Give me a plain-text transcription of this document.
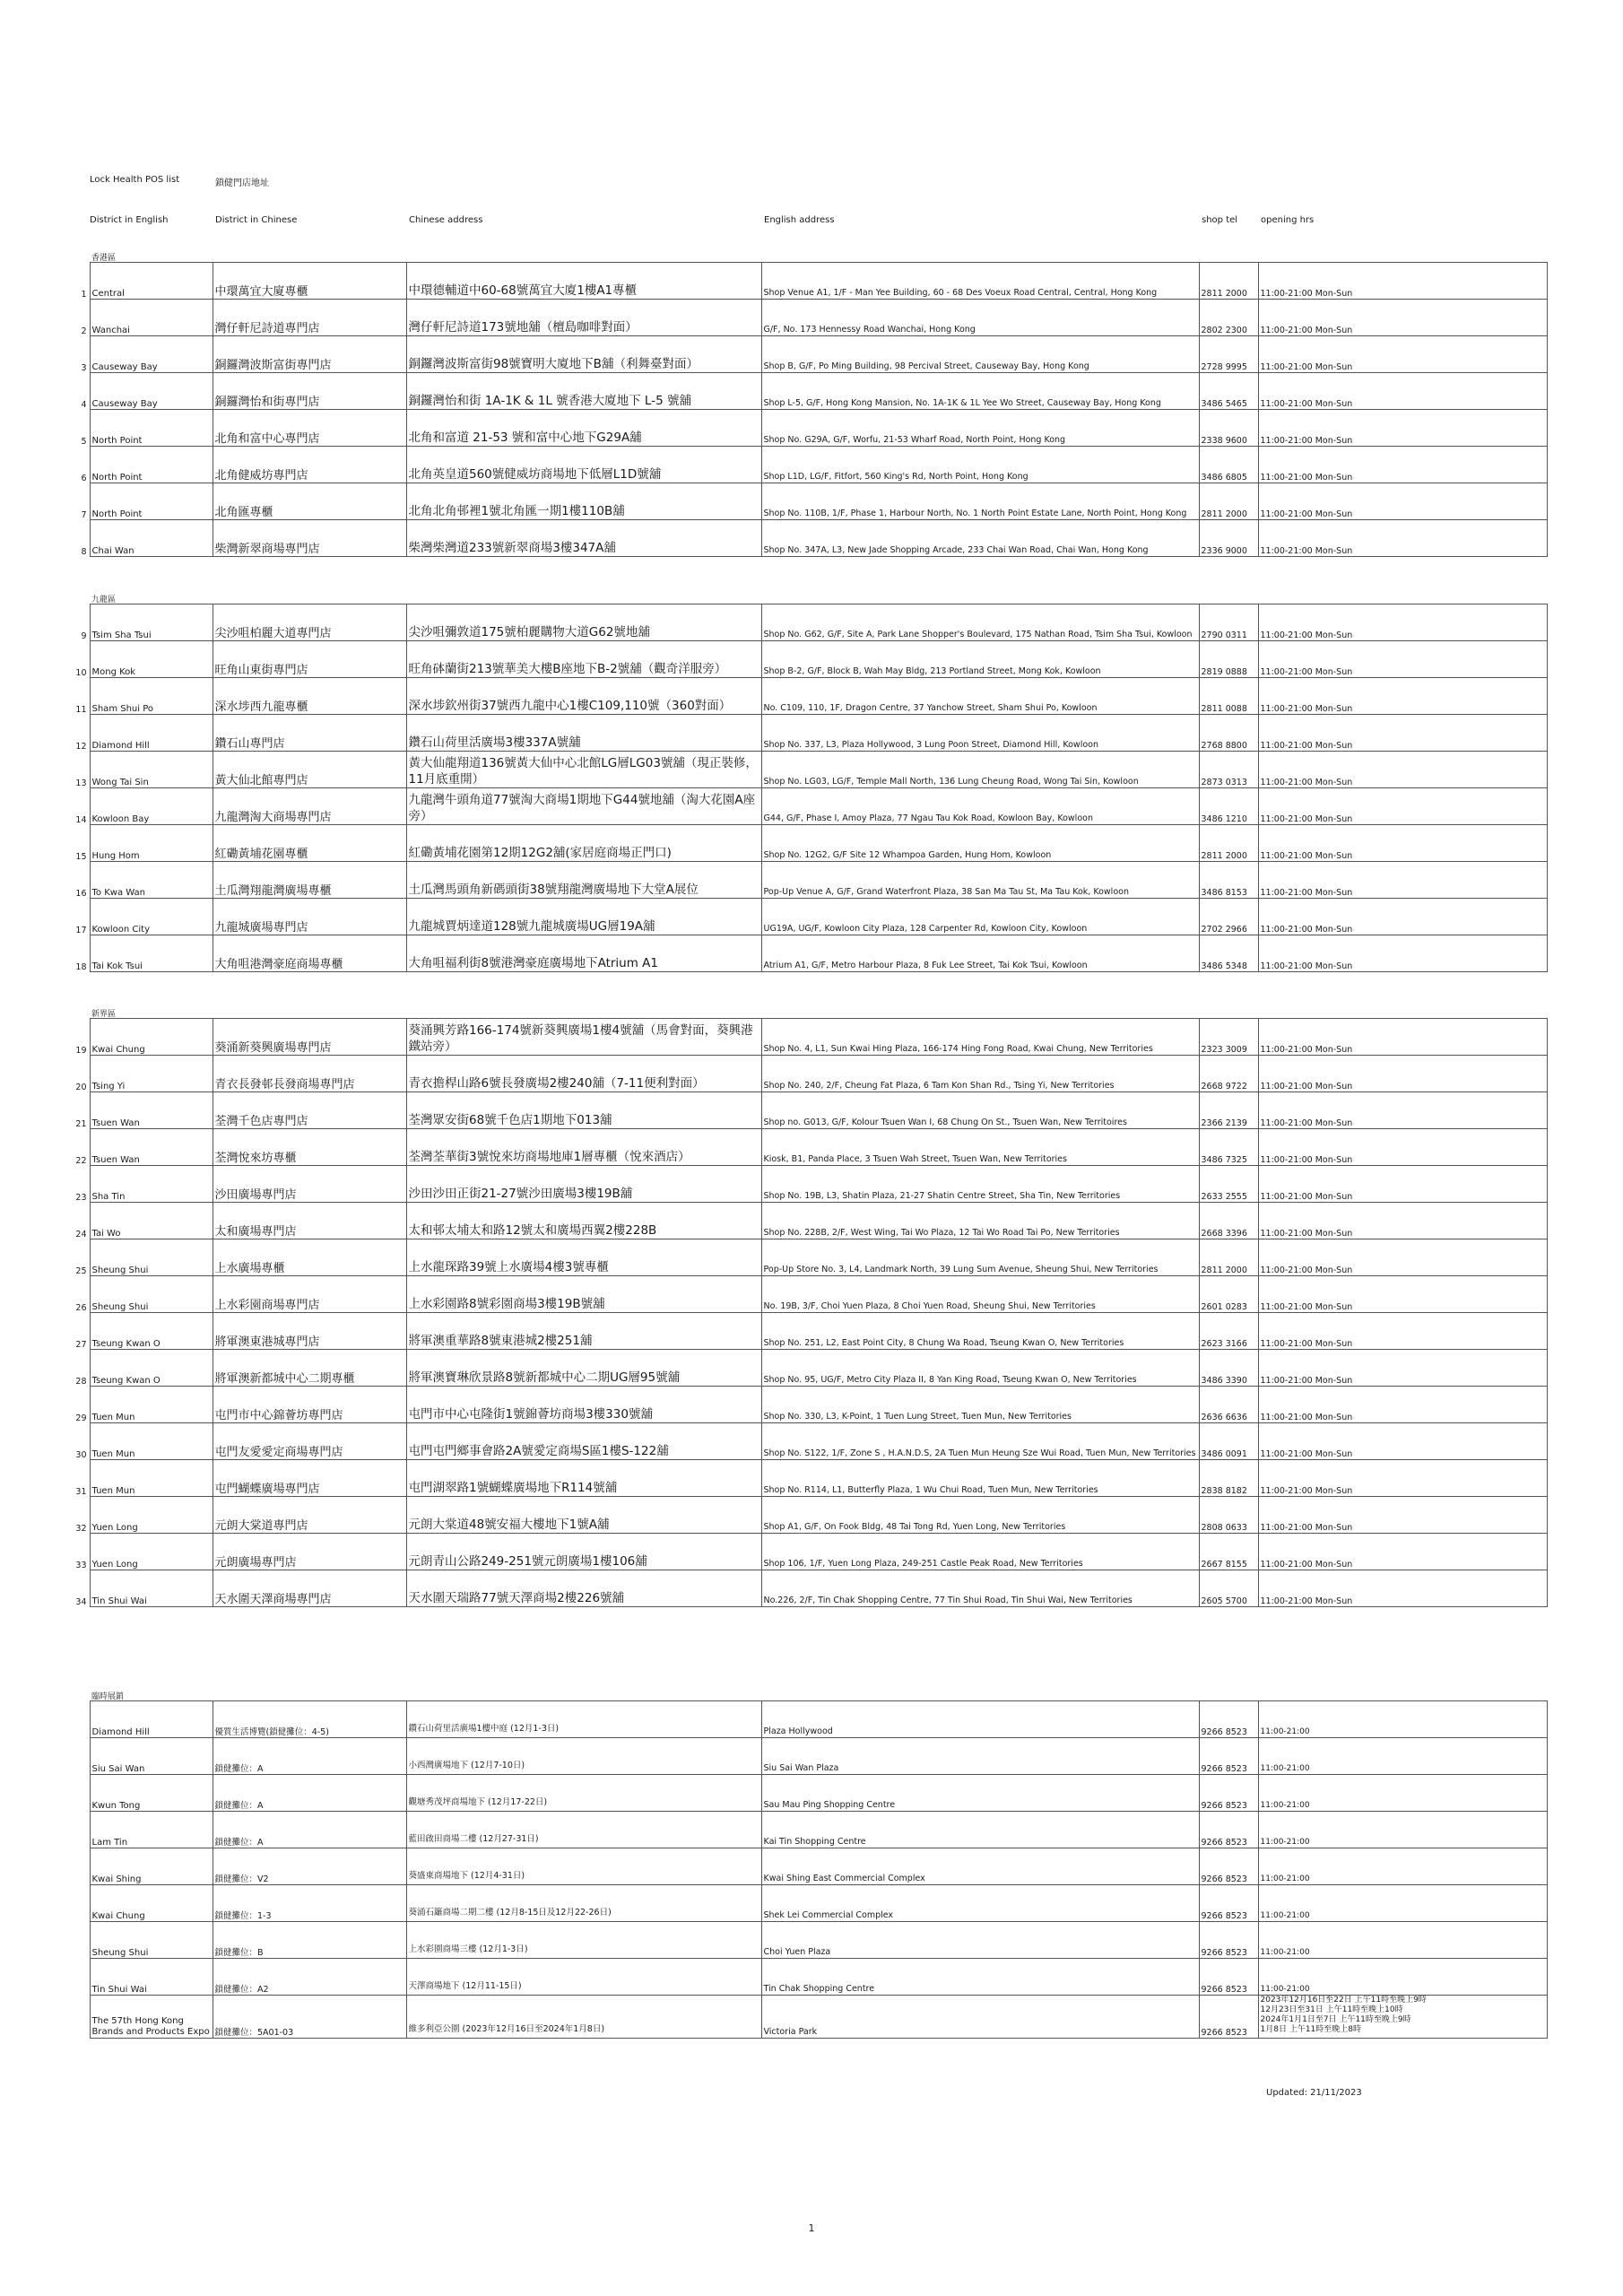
Lock Health POS list	鎖健門店地址
District in English	District in Chinese	Chinese address	English address	shop tel	opening hrs
香港區
1	Central	中環萬宜大廈專櫃	中環德輔道中60-68號萬宜大廈1樓A1專櫃	Shop Venue A1, 1/F - Man Yee Building, 60 - 68 Des Voeux Road Central, Central, Hong Kong	2811 2000	11:00-21:00 Mon-Sun
2	Wanchai	灣仔軒尼詩道專門店	灣仔軒尼詩道173號地舖（檀島咖啡對面）	G/F, No. 173 Hennessy Road Wanchai, Hong Kong	2802 2300	11:00-21:00 Mon-Sun
3	Causeway Bay	銅鑼灣波斯富街專門店	銅鑼灣波斯富街98號寶明大廈地下B舖（利舞臺對面）	Shop B, G/F, Po Ming Building, 98 Percival Street, Causeway Bay, Hong Kong	2728 9995	11:00-21:00 Mon-Sun
4	Causeway Bay	銅鑼灣怡和街專門店	銅鑼灣怡和街 1A-1K & 1L 號香港大廈地下 L-5 號舖	Shop L-5, G/F, Hong Kong Mansion, No. 1A-1K & 1L Yee Wo Street, Causeway Bay, Hong Kong	3486 5465	11:00-21:00 Mon-Sun
5	North Point	北角和富中心專門店	北角和富道 21-53 號和富中心地下G29A舖	Shop No. G29A, G/F, Worfu, 21-53 Wharf Road, North Point, Hong Kong	2338 9600	11:00-21:00 Mon-Sun
6	North Point	北角健威坊專門店	北角英皇道560號健威坊商場地下低層L1D號舖	Shop L1D, LG/F, Fitfort, 560 King's Rd, North Point, Hong Kong	3486 6805	11:00-21:00 Mon-Sun
7	North Point	北角匯專櫃	北角北角邨裡1號北角匯一期1樓110B舖	Shop No. 110B, 1/F, Phase 1, Harbour North, No. 1 North Point Estate Lane, North Point, Hong Kong	2811 2000	11:00-21:00 Mon-Sun
8	Chai Wan	柴灣新翠商場專門店	柴灣柴灣道233號新翠商場3樓347A舖	Shop No. 347A, L3, New Jade Shopping Arcade, 233 Chai Wan Road, Chai Wan, Hong Kong	2336 9000	11:00-21:00 Mon-Sun
九龍區
9	Tsim Sha Tsui	尖沙咀柏麗大道專門店	尖沙咀彌敦道175號柏麗購物大道G62號地舖	Shop No. G62, G/F, Site A, Park Lane Shopper's Boulevard, 175 Nathan Road, Tsim Sha Tsui, Kowloon	2790 0311	11:00-21:00 Mon-Sun
10	Mong Kok	旺角山東街專門店	旺角砵蘭街213號華美大樓B座地下B-2號舖（觀奇洋服旁）	Shop B-2, G/F, Block B, Wah May Bldg, 213 Portland Street, Mong Kok, Kowloon	2819 0888	11:00-21:00 Mon-Sun
11	Sham Shui Po	深水埗西九龍專櫃	深水埗欽州街37號西九龍中心1樓C109,110號（360對面）	No. C109, 110, 1F, Dragon Centre, 37 Yanchow Street, Sham Shui Po, Kowloon	2811 0088	11:00-21:00 Mon-Sun
12	Diamond Hill	鑽石山專門店	鑽石山荷里活廣場3樓337A號舖	Shop No. 337, L3, Plaza Hollywood, 3 Lung Poon Street, Diamond Hill, Kowloon	2768 8800	11:00-21:00 Mon-Sun
13	Wong Tai Sin	黃大仙北館專門店	黃大仙龍翔道136號黃大仙中心北館LG層LG03號舖（現正裝修，11月底重開）	Shop No. LG03, LG/F, Temple Mall North, 136 Lung Cheung Road, Wong Tai Sin, Kowloon	2873 0313	11:00-21:00 Mon-Sun
14	Kowloon Bay	九龍灣淘大商場專門店	九龍灣牛頭角道77號淘大商場1期地下G44號地舖（淘大花園A座旁）	G44, G/F, Phase I, Amoy Plaza, 77 Ngau Tau Kok Road, Kowloon Bay, Kowloon	3486 1210	11:00-21:00 Mon-Sun
15	Hung Hom	紅磡黃埔花園專櫃	紅磡黃埔花園第12期12G2舖(家居庭商場正門口)	Shop No. 12G2, G/F Site 12 Whampoa Garden, Hung Hom, Kowloon	2811 2000	11:00-21:00 Mon-Sun
16	To Kwa Wan	土瓜灣翔龍灣廣場專櫃	土瓜灣馬頭角新碼頭街38號翔龍灣廣場地下大堂A展位	Pop-Up Venue A, G/F, Grand Waterfront Plaza, 38 San Ma Tau St, Ma Tau Kok, Kowloon	3486 8153	11:00-21:00 Mon-Sun
17	Kowloon City	九龍城廣場專門店	九龍城賈炳達道128號九龍城廣場UG層19A舖	UG19A, UG/F, Kowloon City Plaza, 128 Carpenter Rd, Kowloon City, Kowloon	2702 2966	11:00-21:00 Mon-Sun
18	Tai Kok Tsui	大角咀港灣豪庭商場專櫃	大角咀福利街8號港灣豪庭廣場地下Atrium A1	Atrium A1, G/F, Metro Harbour Plaza, 8 Fuk Lee Street, Tai Kok Tsui, Kowloon	3486 5348	11:00-21:00 Mon-Sun
新界區
19	Kwai Chung	葵涌新葵興廣場專門店	葵涌興芳路166-174號新葵興廣場1樓4號舖（馬會對面，葵興港鐵站旁）	Shop No. 4, L1, Sun Kwai Hing Plaza, 166-174 Hing Fong Road, Kwai Chung, New Territories	2323 3009	11:00-21:00 Mon-Sun
20	Tsing Yi	青衣長發邨長發商場專門店	青衣擔桿山路6號長發廣場2樓240舖（7-11便利對面）	Shop No. 240, 2/F, Cheung Fat Plaza, 6 Tam Kon Shan Rd., Tsing Yi, New Territories	2668 9722	11:00-21:00 Mon-Sun
21	Tsuen Wan	荃灣千色店專門店	荃灣眾安街68號千色店1期地下013舖	Shop no. G013, G/F, Kolour Tsuen Wan I, 68 Chung On St., Tsuen Wan, New Territoires	2366 2139	11:00-21:00 Mon-Sun
22	Tsuen Wan	荃灣悅來坊專櫃	荃灣荃華街3號悅來坊商場地庫1層專櫃（悅來酒店）	Kiosk, B1, Panda Place, 3 Tsuen Wah Street, Tsuen Wan, New Territories	3486 7325	11:00-21:00 Mon-Sun
23	Sha Tin	沙田廣場專門店	沙田沙田正街21-27號沙田廣場3樓19B舖	Shop No. 19B, L3, Shatin Plaza, 21-27 Shatin Centre Street, Sha Tin, New Territories	2633 2555	11:00-21:00 Mon-Sun
24	Tai Wo	太和廣場專門店	太和邨太埔太和路12號太和廣場西翼2樓228B	Shop No. 228B, 2/F, West Wing, Tai Wo Plaza, 12 Tai Wo Road Tai Po, New Territories	2668 3396	11:00-21:00 Mon-Sun
25	Sheung Shui	上水廣場專櫃	上水龍琛路39號上水廣場4樓3號專櫃	Pop-Up Store No. 3, L4, Landmark North, 39 Lung Sum Avenue, Sheung Shui, New Territories	2811 2000	11:00-21:00 Mon-Sun
26	Sheung Shui	上水彩園商場專門店	上水彩園路8號彩園商場3樓19B號舖	No. 19B, 3/F, Choi Yuen Plaza, 8 Choi Yuen Road, Sheung Shui, New Territories	2601 0283	11:00-21:00 Mon-Sun
27	Tseung Kwan O	將軍澳東港城專門店	將軍澳重華路8號東港城2樓251舖	Shop No. 251, L2, East Point City, 8 Chung Wa Road, Tseung Kwan O, New Territories	2623 3166	11:00-21:00 Mon-Sun
28	Tseung Kwan O	將軍澳新都城中心二期專櫃	將軍澳寶琳欣景路8號新都城中心二期UG層95號舖	Shop No. 95, UG/F, Metro City Plaza II, 8 Yan King Road, Tseung Kwan O, New Territories	3486 3390	11:00-21:00 Mon-Sun
29	Tuen Mun	屯門市中心錦薈坊專門店	屯門市中心屯隆街1號錦薈坊商場3樓330號舖	Shop No. 330, L3, K-Point, 1 Tuen Lung Street, Tuen Mun, New Territories	2636 6636	11:00-21:00 Mon-Sun
30	Tuen Mun	屯門友愛愛定商場專門店	屯門屯門鄉事會路2A號愛定商場S區1樓S-122舖	Shop No. S122, 1/F, Zone S , H.A.N.D.S, 2A Tuen Mun Heung Sze Wui Road, Tuen Mun, New Territories	3486 0091	11:00-21:00 Mon-Sun
31	Tuen Mun	屯門蝴蝶廣場專門店	屯門湖翠路1號蝴蝶廣場地下R114號舖	Shop No. R114, L1, Butterfly Plaza, 1 Wu Chui Road, Tuen Mun, New Territories	2838 8182	11:00-21:00 Mon-Sun
32	Yuen Long	元朗大棠道專門店	元朗大棠道48號安福大樓地下1號A舖	Shop A1, G/F, On Fook Bldg, 48 Tai Tong Rd, Yuen Long, New Territories	2808 0633	11:00-21:00 Mon-Sun
33	Yuen Long	元朗廣場專門店	元朗青山公路249-251號元朗廣場1樓106舖	Shop 106, 1/F, Yuen Long Plaza, 249-251 Castle Peak Road, New Territories	2667 8155	11:00-21:00 Mon-Sun
34	Tin Shui Wai	天水圍天澤商場專門店	天水圍天瑞路77號天澤商場2樓226號舖	No.226, 2/F, Tin Chak Shopping Centre, 77 Tin Shui Road, Tin Shui Wai, New Territories	2605 5700	11:00-21:00 Mon-Sun
臨時展銷
	Diamond Hill	優質生活博覽(鎖健攤位：4-5)	鑽石山荷里活廣場1樓中庭 (12月1-3日)	Plaza Hollywood	9266 8523	11:00-21:00
	Siu Sai Wan	鎖健攤位：A	小西灣廣場地下 (12月7-10日)	Siu Sai Wan Plaza	9266 8523	11:00-21:00
	Kwun Tong	鎖健攤位：A	觀塘秀茂坪商場地下 (12月17-22日)	Sau Mau Ping Shopping Centre	9266 8523	11:00-21:00
	Lam Tin	鎖健攤位：A	藍田啟田商場二樓 (12月27-31日)	Kai Tin Shopping Centre	9266 8523	11:00-21:00
	Kwai Shing	鎖健攤位：V2	葵盛東商場地下 (12月4-31日)	Kwai Shing East Commercial Complex	9266 8523	11:00-21:00
	Kwai Chung	鎖健攤位：1-3	葵涌石籬商場二期二樓 (12月8-15日及12月22-26日)	Shek Lei Commercial Complex	9266 8523	11:00-21:00
	Sheung Shui	鎖健攤位：B	上水彩園商場三樓 (12月1-3日)	Choi Yuen Plaza	9266 8523	11:00-21:00
	Tin Shui Wai	鎖健攤位：A2	天澤商場地下 (12月11-15日)	Tin Chak Shopping Centre	9266 8523	11:00-21:00
	The 57th Hong Kong Brands and Products Expo	鎖健攤位：5A01-03	維多利亞公園 (2023年12月16日至2024年1月8日)	Victoria Park	9266 8523	2023年12月16日至22日 上午11時至晚上9時
12月23日至31日 上午11時至晚上10時
2024年1月1日至7日 上午11時至晚上9時
1月8日 上午11時至晚上8時
Updated: 21/11/2023
1
